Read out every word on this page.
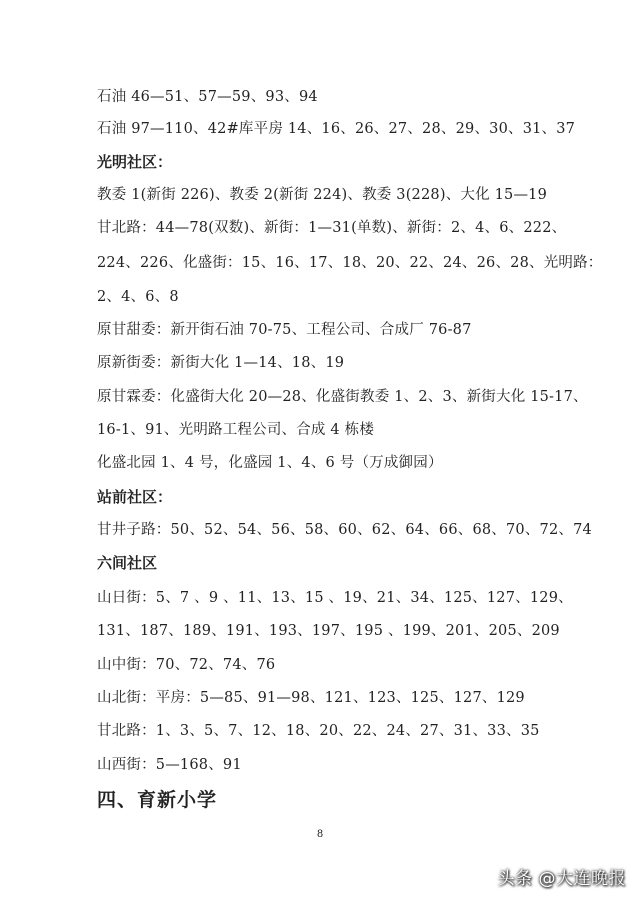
石油 46—51、57—59、93、94
石油 97—110、42#库平房 14、16、26、27、28、29、30、31、37
光明社区：
教委 1(新街 226)、教委 2(新街 224)、教委 3(228)、大化 15—19
甘北路：44—78(双数)、新街：1—31(单数)、新街：2、4、6、222、
224、226、化盛街：15、16、17、18、20、22、24、26、28、光明路：
2、4、6、8
原甘甜委：新开街石油 70-75、工程公司、合成厂 76-87
原新街委：新街大化 1—14、18、19
原甘霖委：化盛街大化 20—28、化盛街教委 1、2、3、新街大化 15-17、
16-1、91、光明路工程公司、合成 4 栋楼
化盛北园 1、4 号，化盛园 1、4、6 号（万成御园）
站前社区：
甘井子路：50、52、54、56、58、60、62、64、66、68、70、72、74
六间社区
山日街：5、7 、9 、11、13、15 、19、21、34、125、127、129、
131、187、189、191、193、197、195 、199、201、205、209
山中街：70、72、74、76
山北街：平房：5—85、91—98、121、123、125、127、129
甘北路：1、3、5、7、12、18、20、22、24、27、31、33、35
山西街：5—168、91
四、育新小学
8
头条 @大连晚报
